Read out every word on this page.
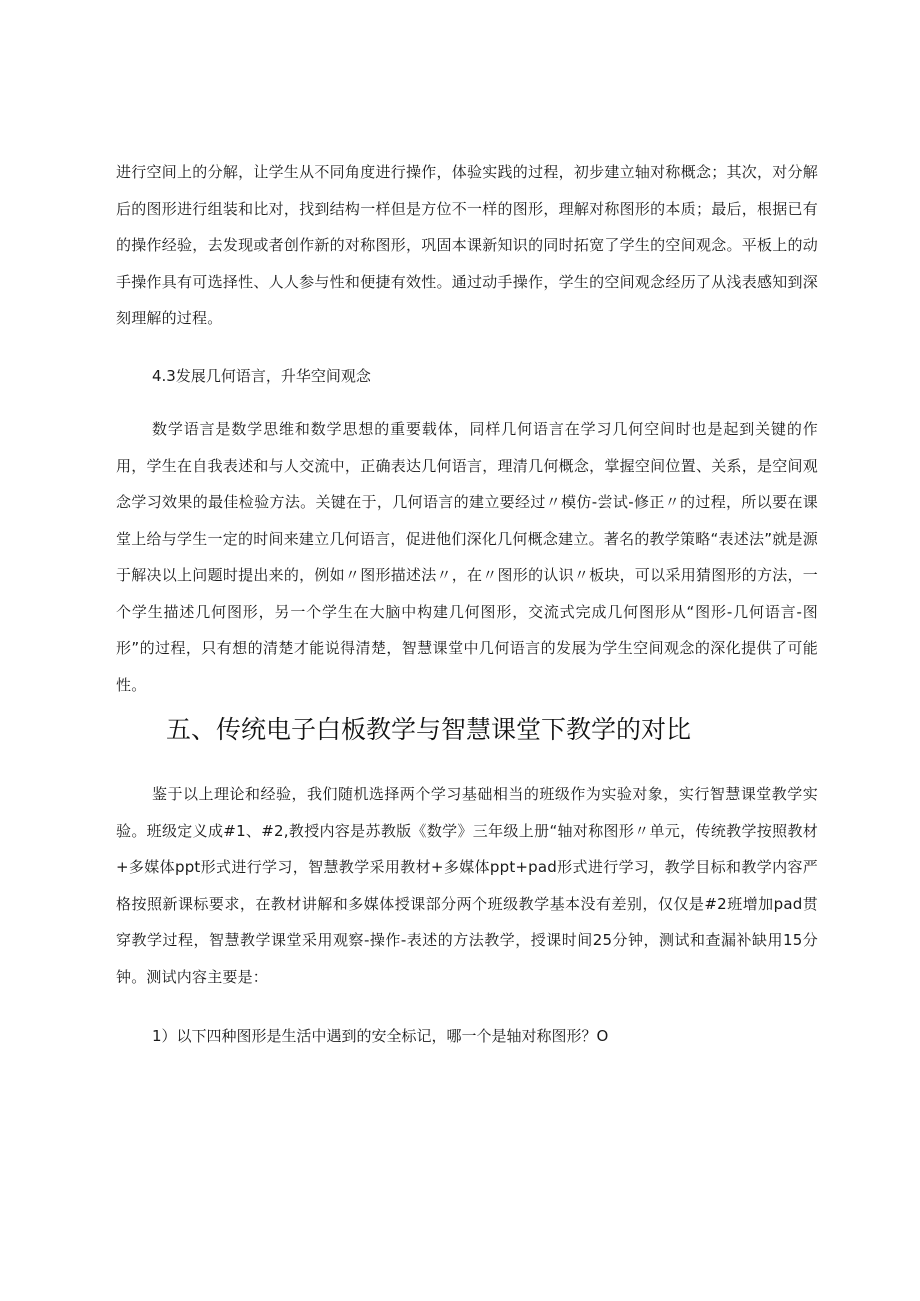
进行空间上的分解，让学生从不同角度进行操作，体验实践的过程，初步建立轴对称概念；其次，对分解后的图形进行组装和比对，找到结构一样但是方位不一样的图形，理解对称图形的本质；最后，根据已有的操作经验，去发现或者创作新的对称图形，巩固本课新知识的同时拓宽了学生的空间观念。平板上的动手操作具有可选择性、人人参与性和便捷有效性。通过动手操作，学生的空间观念经历了从浅表感知到深刻理解的过程。

4.3发展几何语言，升华空间观念

数学语言是数学思维和数学思想的重要载体，同样几何语言在学习几何空间时也是起到关键的作用，学生在自我表述和与人交流中，正确表达几何语言，理清几何概念，掌握空间位置、关系，是空间观念学习效果的最佳检验方法。关键在于，几何语言的建立要经过〃模仿-尝试-修正〃的过程，所以要在课堂上给与学生一定的时间来建立几何语言，促进他们深化几何概念建立。著名的教学策略“表述法”就是源于解决以上问题时提出来的，例如〃图形描述法〃，在〃图形的认识〃板块，可以采用猜图形的方法，一个学生描述几何图形，另一个学生在大脑中构建几何图形，交流式完成几何图形从“图形-几何语言-图形”的过程，只有想的清楚才能说得清楚，智慧课堂中几何语言的发展为学生空间观念的深化提供了可能性。

五、传统电子白板教学与智慧课堂下教学的对比

鉴于以上理论和经验，我们随机选择两个学习基础相当的班级作为实验对象，实行智慧课堂教学实验。班级定义成#1、#2,教授内容是苏教版《数学》三年级上册“轴对称图形〃单元，传统教学按照教材+多媒体ppt形式进行学习，智慧教学采用教材+多媒体ppt+pad形式进行学习，教学目标和教学内容严格按照新课标要求，在教材讲解和多媒体授课部分两个班级教学基本没有差别，仅仅是#2班增加pad贯穿教学过程，智慧教学课堂采用观察-操作-表述的方法教学，授课时间25分钟，测试和查漏补缺用15分钟。测试内容主要是：

1）以下四种图形是生活中遇到的安全标记，哪一个是轴对称图形？O
